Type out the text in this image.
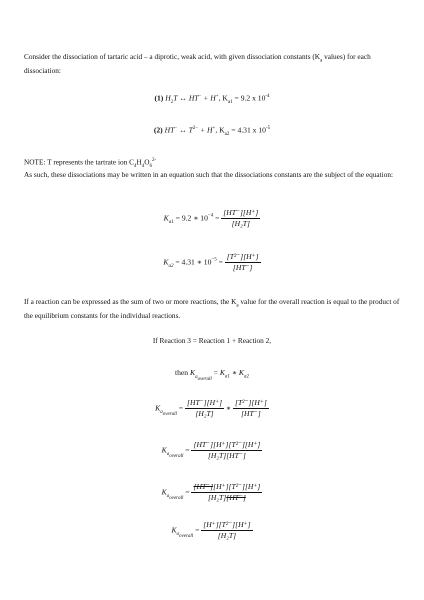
Consider the dissociation of tartaric acid – a diprotic, weak acid, with given dissociation constants ($K_a$ values) for each dissociation:
(1) $H_2T$ ↔ HT− + H+, $K_{a1} = 9.2$ x $10^{-4}$
(2) HT− ↔ $T^{2-} + H^+$, $K_{a2} = 4.31$ x $10^{-5}$
NOTE: T represents the tartrate ion $C_4H_4O_6^{2-}$
As such, these dissociations may be written in an equation such that the dissociations constants are the subject of the equation:
$K_{a1} = 9.2$ ∗ $10^{-4} = \frac{[HT^-][H^+]}{\text{[H₂T]}}$
$K_{a2} = 4.31$ ∗ $10^{-5} = \frac{\text{[T²⁻][H⁺]}}{[HT^-]}$
If a reaction can be expressed as the sum of two or more reactions, the $K_a$ value for the overall reaction is equal to the product of the equilibrium constants for the individual reactions.
If Reaction 3 = Reaction 1 + Reaction 2,
then $K_{a_{overall}} = K_{a1}$ ∗ $K_{a2}$
$K_{a_{overall}} = \frac{[HT^-][H^+]}{\text{[H₂T]}}$ ∗ $\frac{\text{[T²⁻][H⁺]}}{[HT^-]}$
$K_{a_{overall}} = \frac{\text{[HT⁻][H⁺][T²⁻][H⁺]}}{\text{[H₂T][HT⁻]}}$
$K_{a_{overall}} = \frac{\text{[HT⁻][H⁺][T²⁻][H⁺]}}{\text{[H₂T][HT⁻]}}$
$K_{a_{overall}} = \frac{\text{[H⁺][T²⁻][H⁺]}}{\text{[H₂T]}}$
